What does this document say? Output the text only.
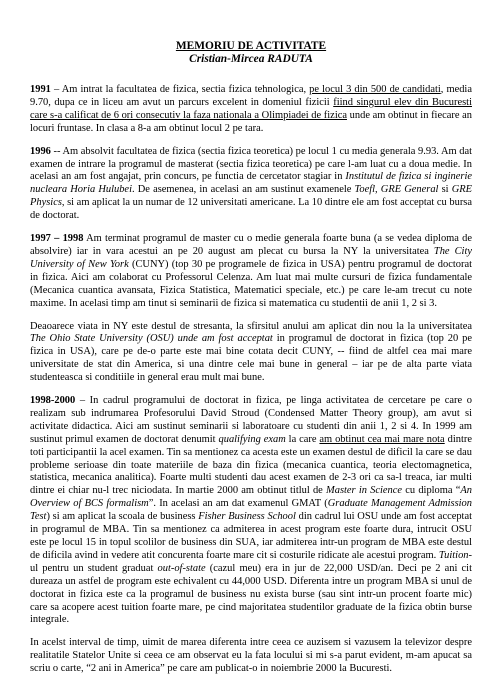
MEMORIU DE ACTIVITATE
Cristian-Mircea RADUTA

1991 – Am intrat la facultatea de fizica, sectia fizica tehnologica, pe locul 3 din 500 de candidati, media 9.70, dupa ce in liceu am avut un parcurs excelent in domeniul fizicii fiind singurul elev din Bucuresti care s-a calificat de 6 ori consecutiv la faza nationala a Olimpiadei de fizica unde am obtinut in fiecare an locuri fruntase. In clasa a 8-a am obtinut locul 2 pe tara.

1996 -- Am absolvit facultatea de fizica (sectia fizica teoretica) pe locul 1 cu media generala 9.93. Am dat examen de intrare la programul de masterat (sectia fizica teoretica) pe care l-am luat cu a doua medie. In acelasi an am fost angajat, prin concurs, pe functia de cercetator stagiar in Institutul de fizica si inginerie nucleara Horia Hulubei. De asemenea, in acelasi an am sustinut examenele Toefl, GRE General si GRE Physics, si am aplicat la un numar de 12 universitati americane. La 10 dintre ele am fost acceptat cu bursa de doctorat.

1997 – 1998 Am terminat programul de master cu o medie generala foarte buna (a se vedea diploma de absolvire) iar in vara acestui an pe 20 august am plecat cu bursa la NY la universitatea The City University of New York (CUNY) (top 30 pe programele de fizica in USA) pentru programul de doctorat in fizica. Aici am colaborat cu Professorul Celenza. Am luat mai multe cursuri de fizica fundamentale (Mecanica cuantica avansata, Fizica Statistica, Matematici speciale, etc.) pe care le-am trecut cu note maxime. In acelasi timp am tinut si seminarii de fizica si matematica cu studentii de anii 1, 2 si 3.

Deaoarece viata in NY este destul de stresanta, la sfirsitul anului am aplicat din nou la la universitatea The Ohio State University (OSU) unde am fost acceptat in programul de doctorat in fizica (top 20 pe fizica in USA), care pe de-o parte este mai bine cotata decit CUNY, -- fiind de altfel cea mai mare universitate de stat din America, si una dintre cele mai bune in general – iar pe de alta parte viata studenteasca si conditiile in general erau mult mai bune.

1998-2000 – In cadrul programului de doctorat in fizica, pe linga activitatea de cercetare pe care o realizam sub indrumarea Profesorului David Stroud (Condensed Matter Theory group), am avut si activitate didactica. Aici am sustinut seminarii si laboratoare cu studenti din anii 1, 2 si 4. In 1999 am sustinut primul examen de doctorat denumit qualifying exam la care am obtinut cea mai mare nota dintre toti participantii la acel examen. Tin sa mentionez ca acesta este un examen destul de dificil la care se dau probleme serioase din toate materiile de baza din fizica (mecanica cuantica, teoria electomagnetica, statistica, mecanica analitica). Foarte multi studenti dau acest examen de 2-3 ori ca sa-l treaca, iar multi dintre ei chiar nu-l trec niciodata. In martie 2000 am obtinut titlul de Master in Science cu diploma “An Overview of BCS formalism”. In acelasi an am dat examenul GMAT (Graduate Management Admission Test) si am aplicat la scoala de business Fisher Business School din cadrul lui OSU unde am fost acceptat in programul de MBA. Tin sa mentionez ca admiterea in acest program este foarte dura, intrucit OSU este pe locul 15 in topul scolilor de business din SUA, iar admiterea intr-un program de MBA este destul de dificila avind in vedere atit concurenta foarte mare cit si costurile ridicate ale acestui program. Tuition-ul pentru un student graduat out-of-state (cazul meu) era in jur de 22,000 USD/an. Deci pe 2 ani cit dureaza un astfel de program este echivalent cu 44,000 USD. Diferenta intre un program MBA si unul de doctorat in fizica este ca la programul de business nu exista burse (sau sint intr-un procent foarte mic) care sa acopere acest tuition foarte mare, pe cind majoritatea studentilor graduate de la fizica obtin burse integrale.

In acelst interval de timp, uimit de marea diferenta intre ceea ce auzisem si vazusem la televizor despre realitatile Statelor Unite si ceea ce am observat eu la fata locului si mi s-a parut evident, m-am apucat sa scriu o carte, “2 ani in America” pe care am publicat-o in noiembrie 2000 la Bucuresti.
